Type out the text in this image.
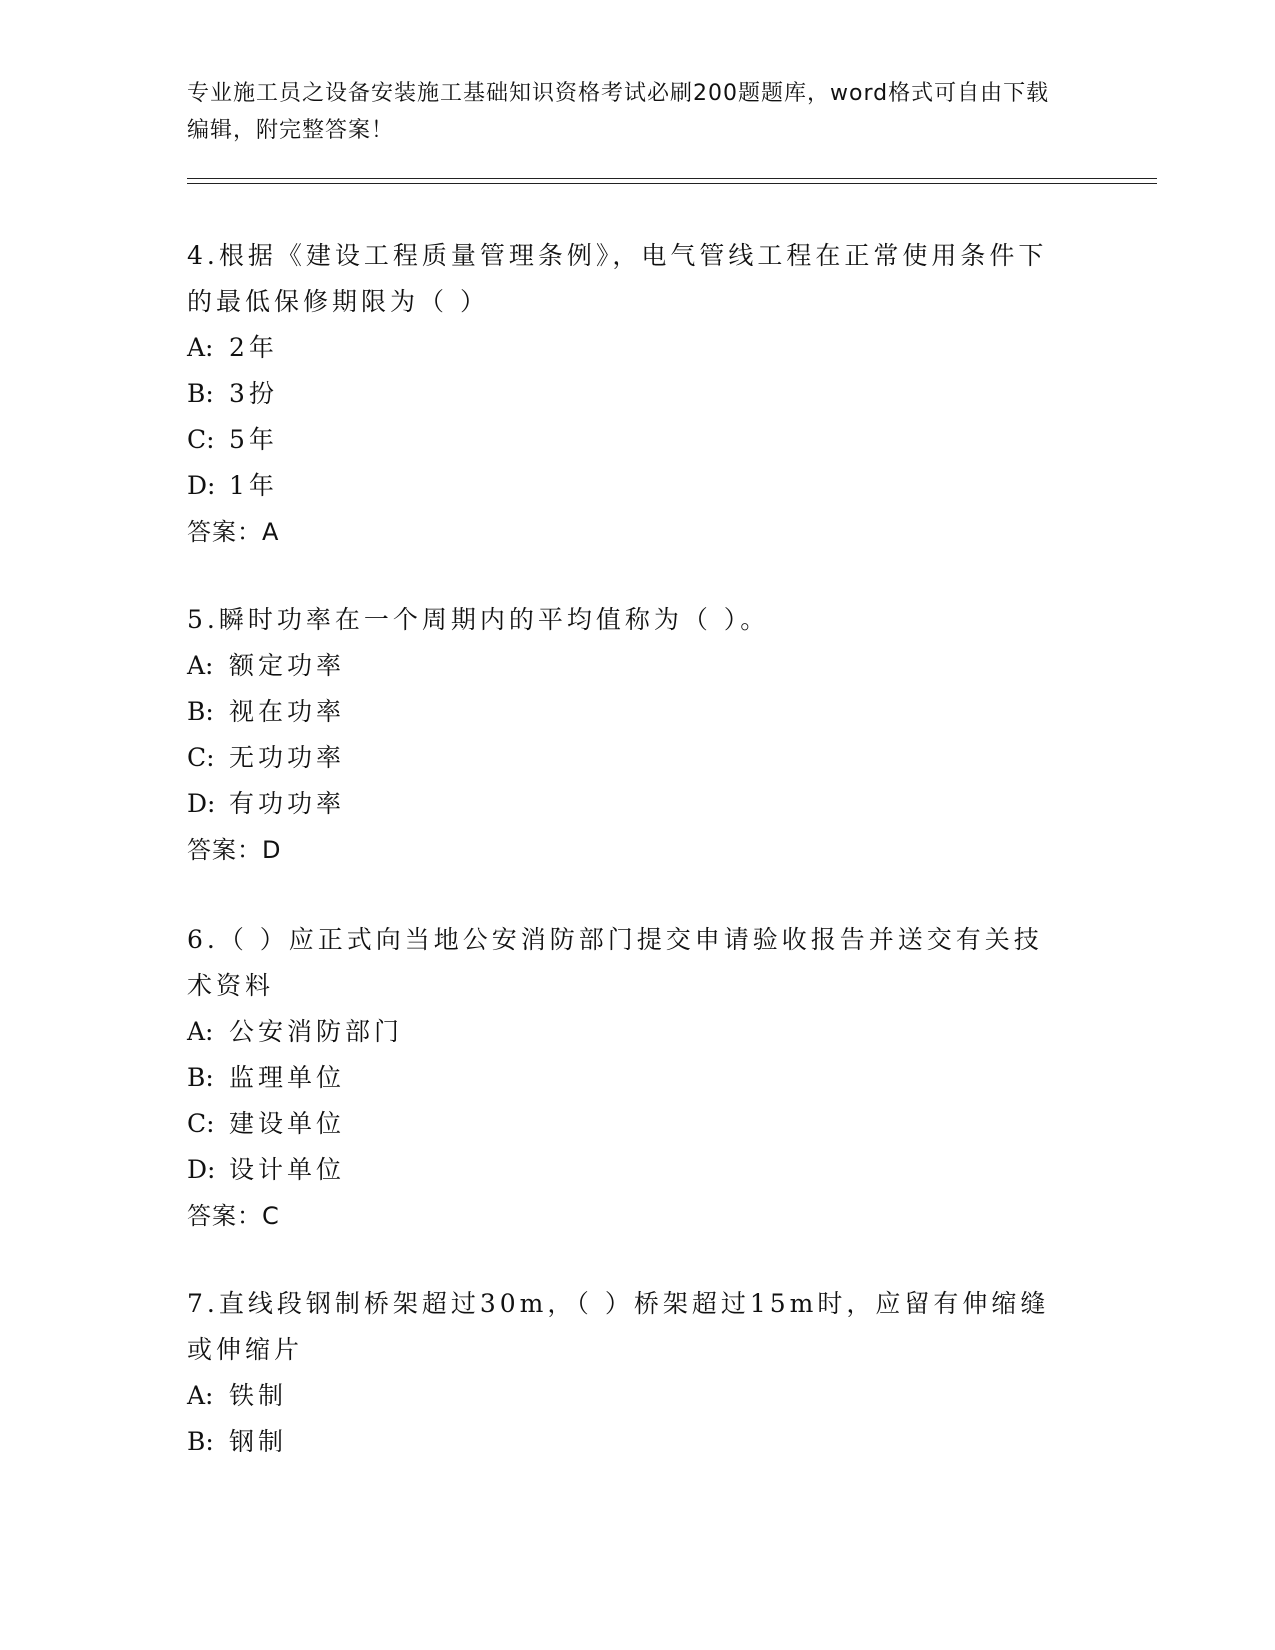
专业施工员之设备安装施工基础知识资格考试必刷200题题库，word格式可自由下载编辑，附完整答案！

4.根据《建设工程质量管理条例》，电气管线工程在正常使用条件下的最低保修期限为（ ）

A: 2年

B: 3扮

C: 5年

D: 1年

答案：A

5.瞬时功率在一个周期内的平均值称为（ ）。

A: 额定功率

B: 视在功率

C: 无功功率

D: 有功功率

答案：D

6.（ ）应正式向当地公安消防部门提交申请验收报告并送交有关技术资料

A: 公安消防部门

B: 监理单位

C: 建设单位

D: 设计单位

答案：C

7.直线段钢制桥架超过30m，（ ）桥架超过15m时，应留有伸缩缝或伸缩片

A: 铁制

B: 钢制
